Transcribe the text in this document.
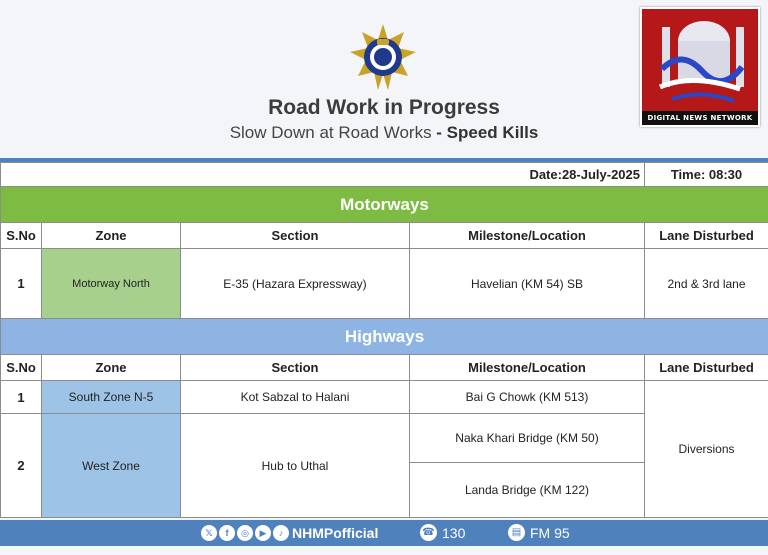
Road Work in Progress
Slow Down at Road Works - Speed Kills
DIGITAL NEWS NETWORK
Date:28-July-2025				Time: 08:30
Motorways				
S.No	Zone	Section	Milestone/Location	Lane Disturbed
1	Motorway North	E-35 (Hazara Expressway)	Havelian (KM 54) SB	2nd & 3rd lane
Highways				
S.No	Zone	Section	Milestone/Location	Lane Disturbed
1	South Zone N-5	Kot Sabzal to Halani	Bai G Chowk (KM 513)	Diversions
2	West Zone	Hub to Uthal	Naka Khari Bridge (KM 50)	
			Landa Bridge (KM 122)	
𝕏	f	◎	▶	♪ NHMPofficial	☎ 130	▤ FM 95
